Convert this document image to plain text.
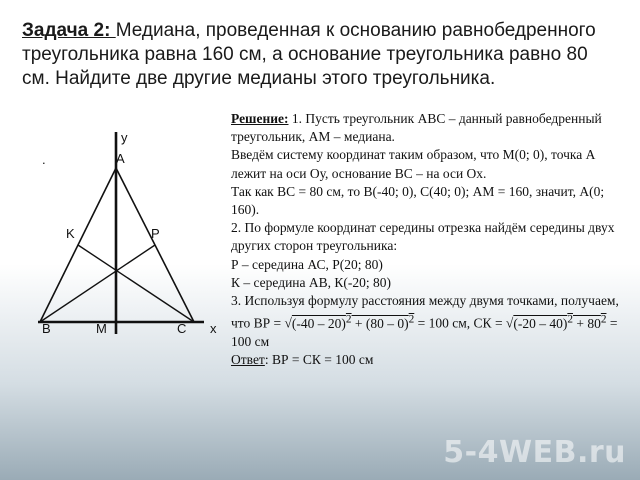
Задача 2: Медиана, проведенная к основанию равнобедренного треугольника равна 160 см, а основание треугольника равно 80 см. Найдите две другие медианы этого треугольника.
y
A
.
K	P
B	M	C x

Решение: 1. Пусть треугольник АВС – данный равнобедренный треугольник, АМ – медиана.

Введём систему координат таким образом, что М(0; 0), точка А лежит на оси Оу, основание ВС – на оси Ох.

Так как ВС = 80 см, то В(-40; 0), С(40; 0); АМ = 160, значит, А(0; 160).

2. По формуле координат середины отрезка найдём середины двух других сторон треугольника:

Р – середина АС, Р(20; 80)

К – середина АВ, К(-20; 80)

3. Используя формулу расстояния между двумя точками, получаем, что ВР = √(-40 – 20)$^2$ + (80 – 0)$^2$ = 100 см, СК = $√(-20 - 40)^2 + 80^2 = 100$ см

Ответ: ВР = СК = 100 см

5-4WEB.ru
